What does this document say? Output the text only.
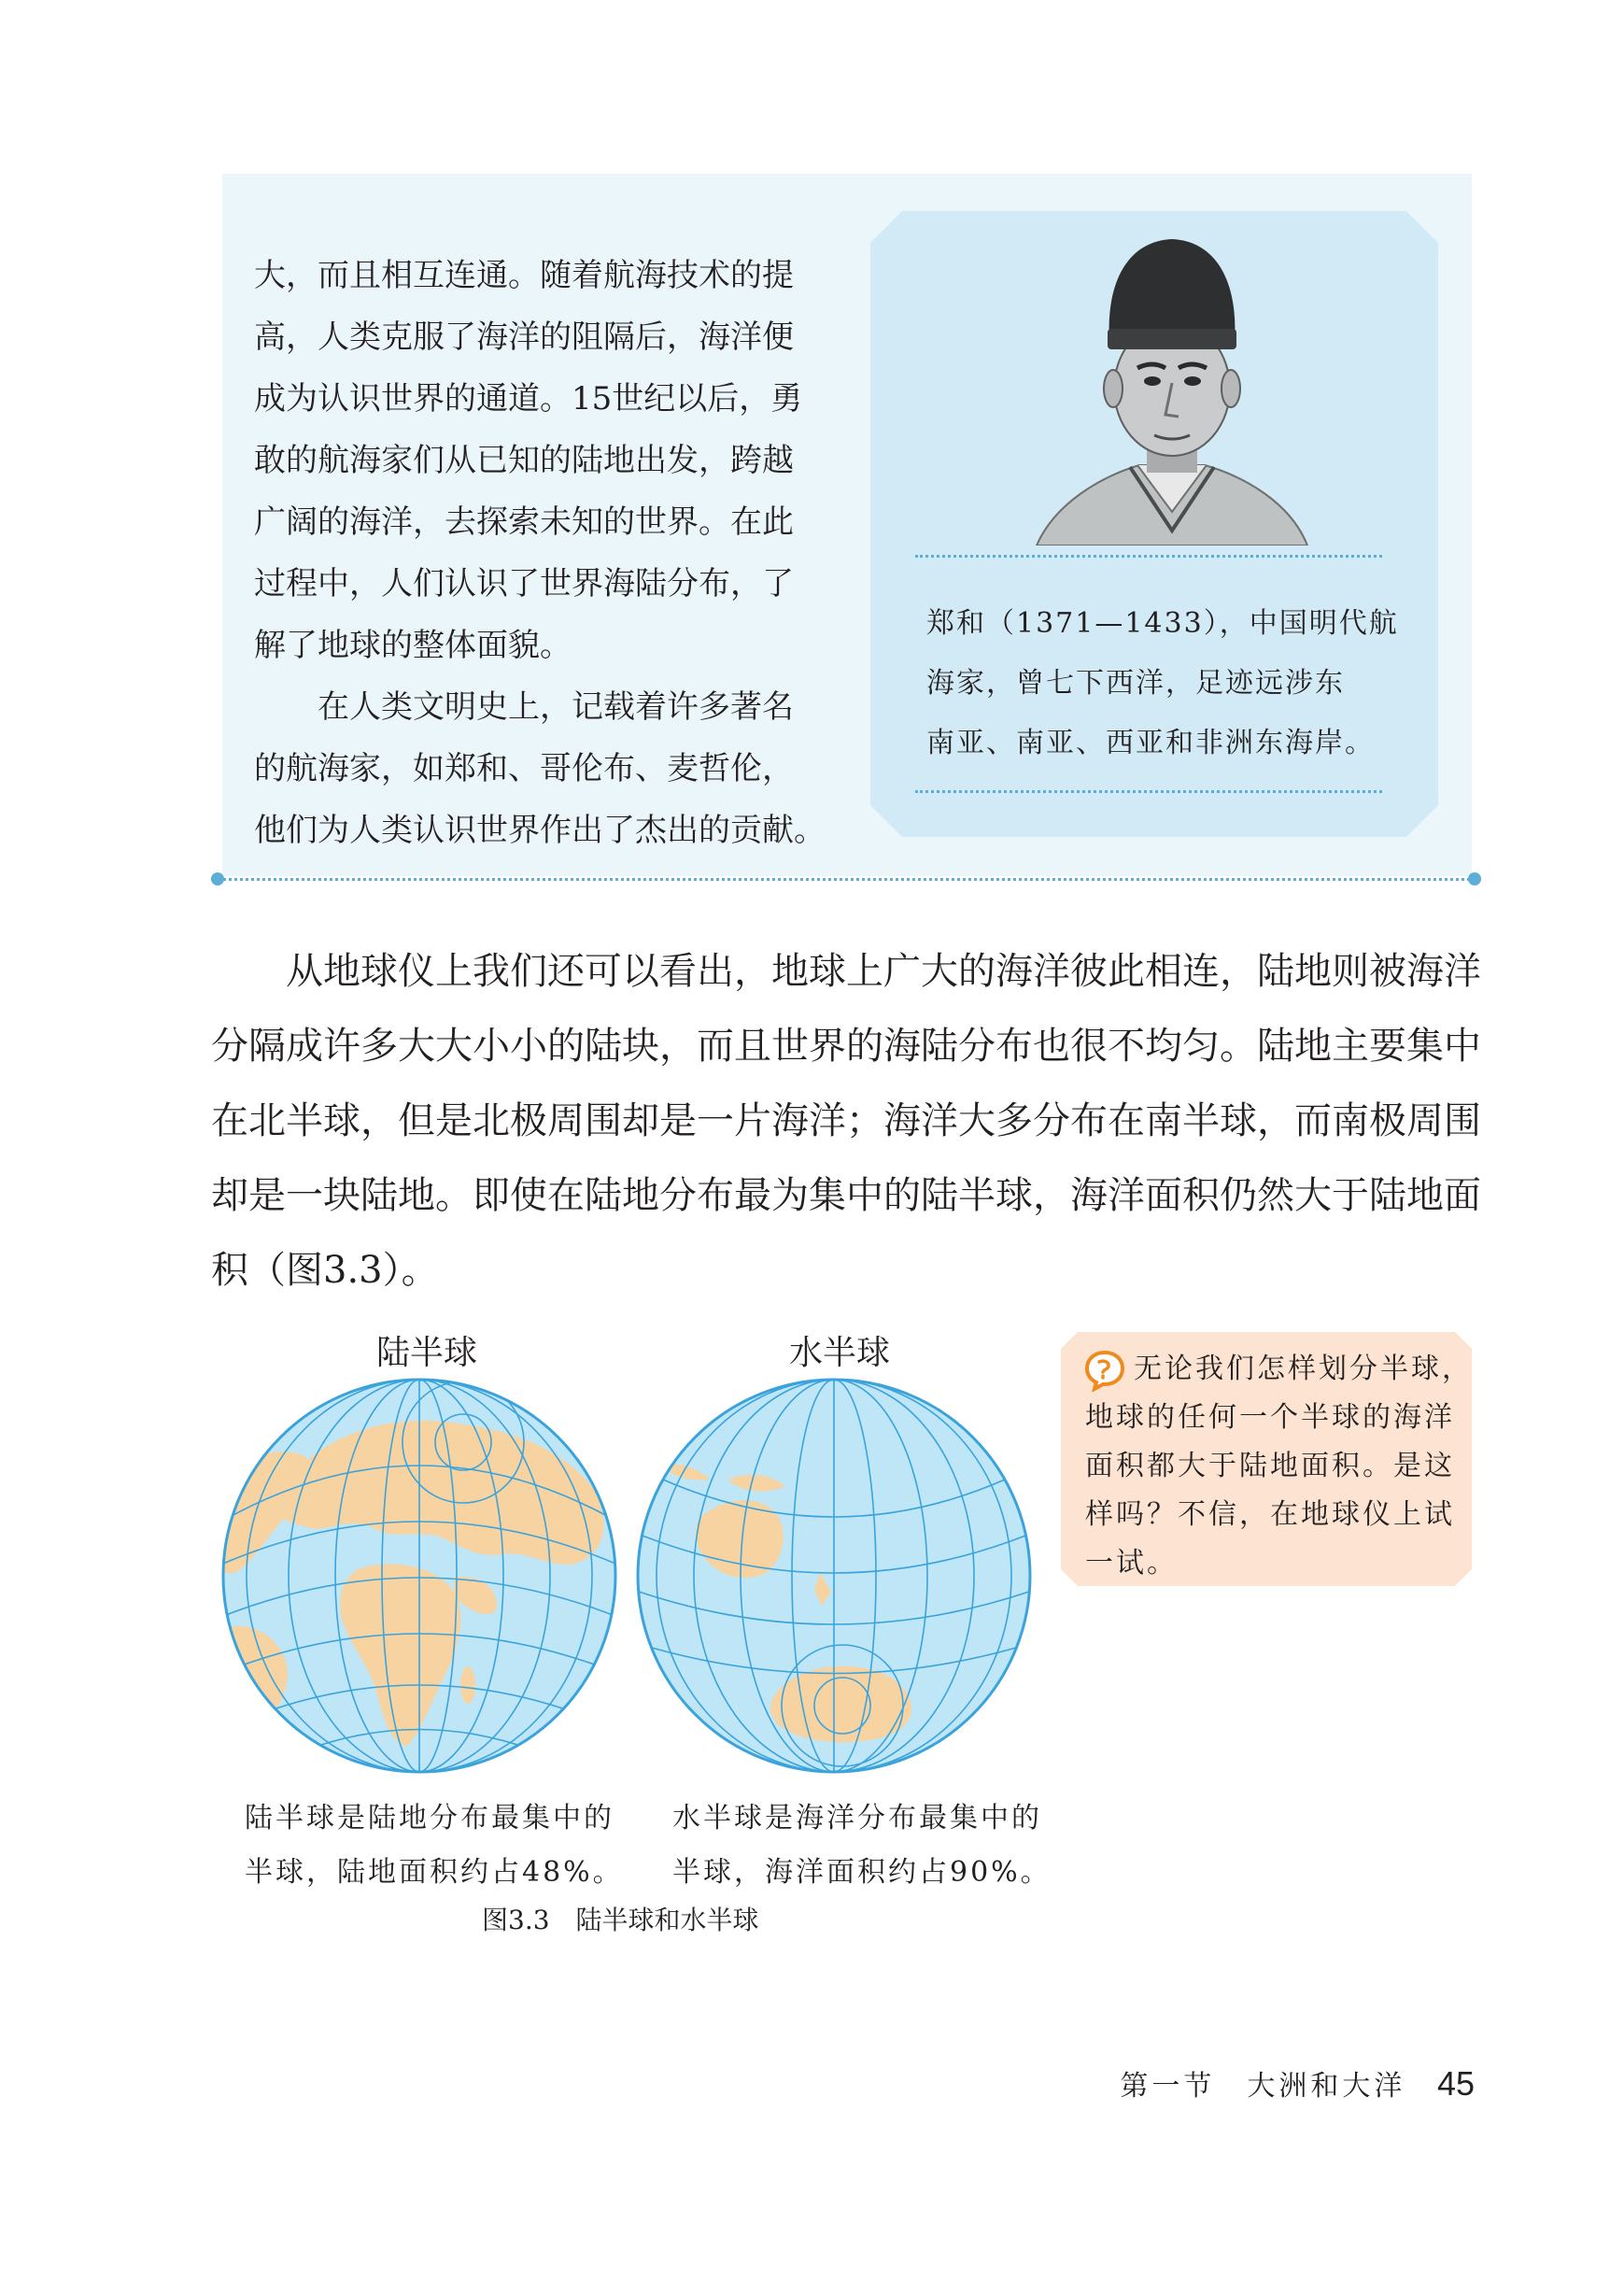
大，而且相互连通。随着航海技术的提
高，人类克服了海洋的阻隔后，海洋便
成为认识世界的通道。15世纪以后，勇
敢的航海家们从已知的陆地出发，跨越
广阔的海洋，去探索未知的世界。在此
过程中，人们认识了世界海陆分布，了
解了地球的整体面貌。

在人类文明史上，记载着许多著名
的航海家，如郑和、哥伦布、麦哲伦，
他们为人类认识世界作出了杰出的贡献。

郑和（1371—1433），中国明代航

海家，曾七下西洋，足迹远涉东

南亚、南亚、西亚和非洲东海岸。

从地球仪上我们还可以看出，地球上广大的海洋彼此相连，陆地则被海洋分隔成许多大大小小的陆块，而且世界的海陆分布也很不均匀。陆地主要集中在北半球，但是北极周围却是一片海洋；海洋大多分布在南半球，而南极周围却是一块陆地。即使在陆地分布最为集中的陆半球，海洋面积仍然大于陆地面积（图3.3）。

陆半球	水半球

陆半球是陆地分布最集中的

半球，陆地面积约占48%。

水半球是海洋分布最集中的

半球，海洋面积约占90%。

图3.3　陆半球和水半球

无论我们怎样划分半球，

地球的任何一个半球的海洋

面积都大于陆地面积。是这

样吗？不信，在地球仪上试

一试。

第一节　大洲和大洋 45
